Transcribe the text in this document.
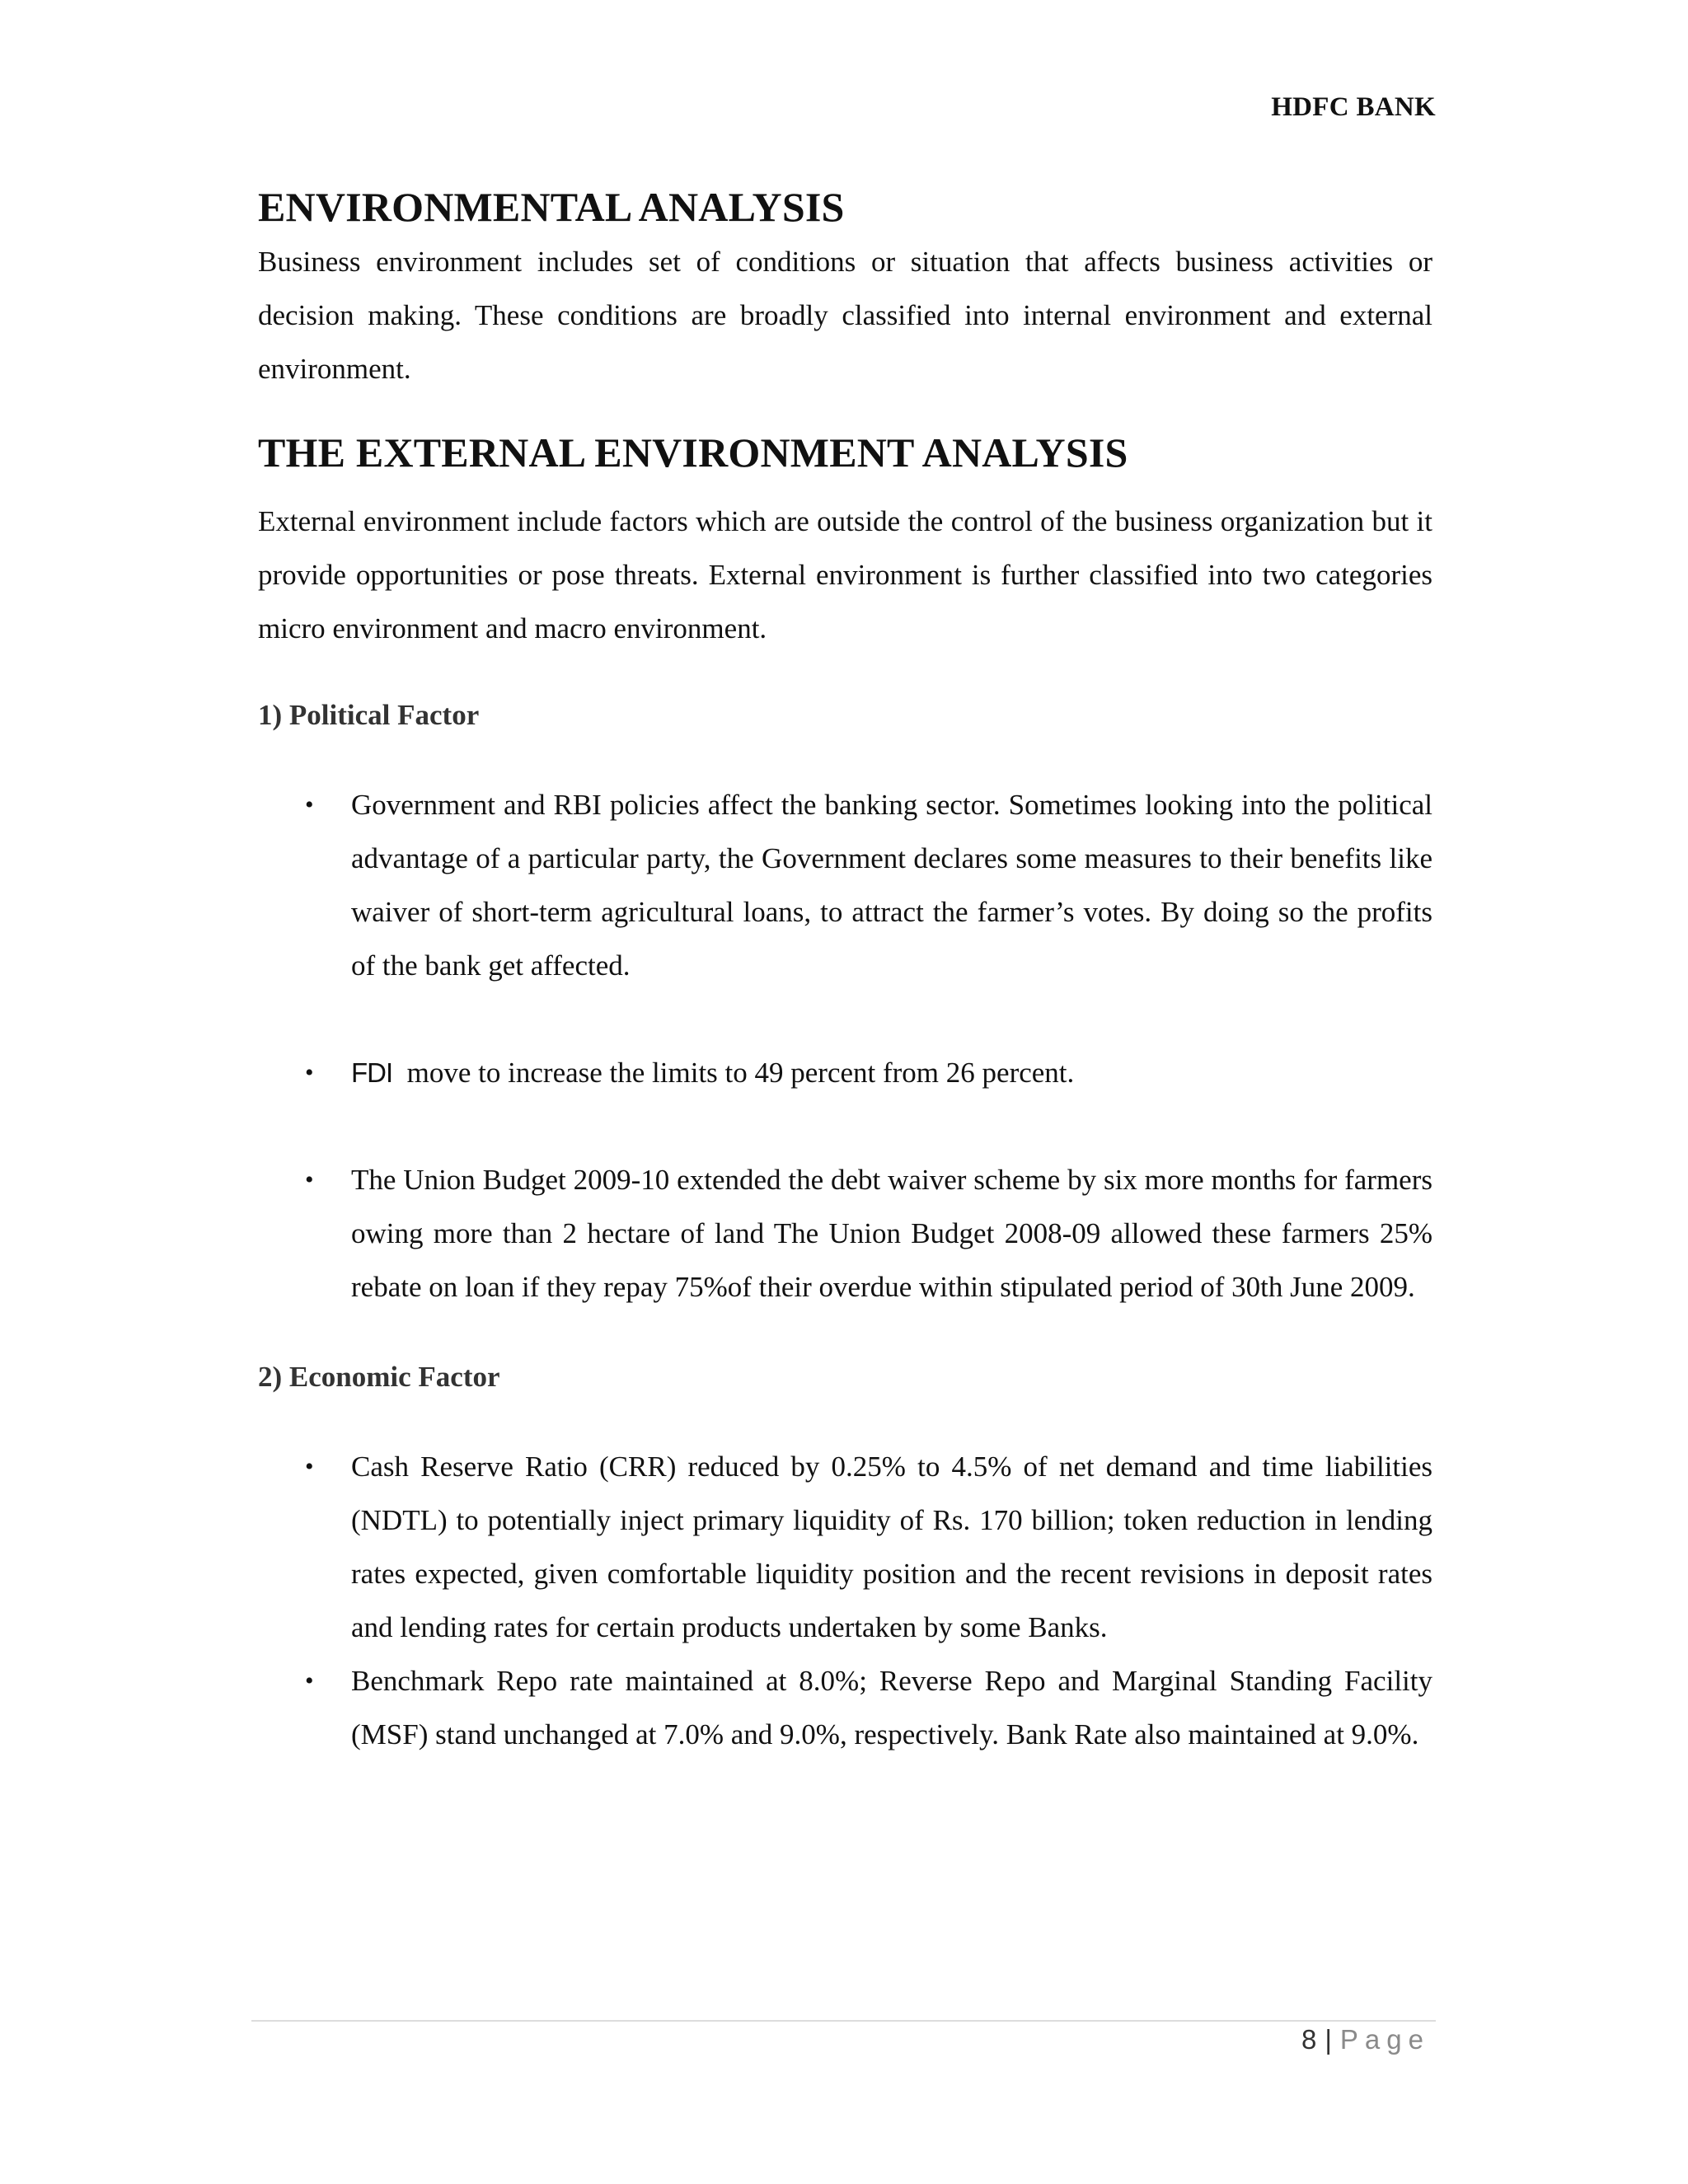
HDFC BANK
ENVIRONMENTAL ANALYSIS

Business environment includes set of conditions or situation that affects business activities or decision making. These conditions are broadly classified into internal environment and external environment.

THE EXTERNAL ENVIRONMENT ANALYSIS

External environment include factors which are outside the control of the business organization but it provide opportunities or pose threats. External environment is further classified into two categories micro environment and macro environment.

1) Political Factor

• Government and RBI policies affect the banking sector. Sometimes looking into the political advantage of a particular party, the Government declares some measures to their benefits like waiver of short-term agricultural loans, to attract the farmer’s votes. By doing so the profits of the bank get affected.
• FDI move to increase the limits to 49 percent from 26 percent.
• The Union Budget 2009-10 extended the debt waiver scheme by six more months for farmers owing more than 2 hectare of land The Union Budget 2008-09 allowed these farmers 25% rebate on loan if they repay 75%of their overdue within stipulated period of 30th June 2009.

2) Economic Factor

• Cash Reserve Ratio (CRR) reduced by 0.25% to 4.5% of net demand and time liabilities (NDTL) to potentially inject primary liquidity of Rs. 170 billion; token reduction in lending rates expected, given comfortable liquidity position and the recent revisions in deposit rates and lending rates for certain products undertaken by some Banks.
• Benchmark Repo rate maintained at 8.0%; Reverse Repo and Marginal Standing Facility (MSF) stand unchanged at 7.0% and 9.0%, respectively. Bank Rate also maintained at 9.0%.
8 | Page
